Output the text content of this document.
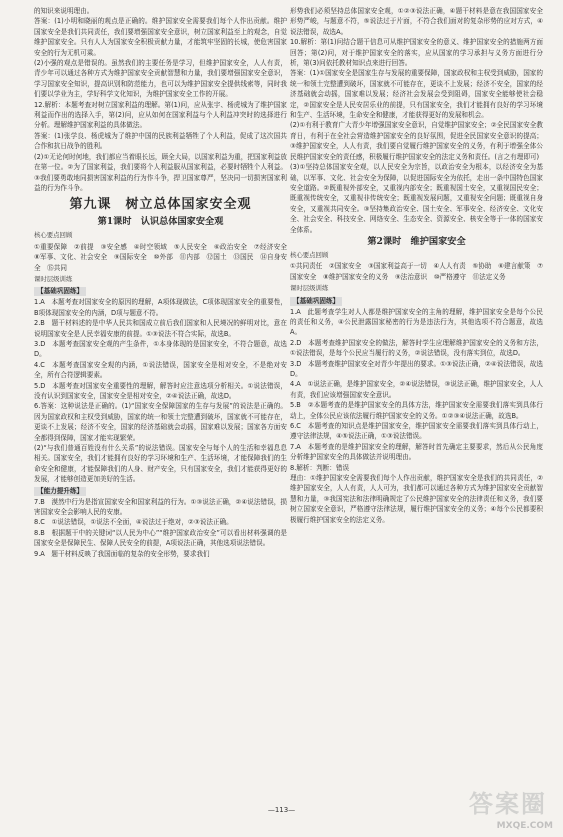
的知识来说明理由。

答案：(1)小明和晓丽的观点是正确的。维护国家安全需要我们每个人作出贡献。维护国家安全是我们共同责任，我们要增强国家安全意识，树立国家利益至上的观念，自觉维护国家安全。只有人人为国家安全积极贡献力量，才能筑牢坚固的长城，使危害国家安全的行为无机可乘。

(2)小强的观点是错误的。虽然我们的主要任务是学习，但维护国家安全，人人有责，青少年可以通过各种方式为维护国家安全贡献智慧和力量，我们要增强国家安全意识，学习国家安全知识，提高识别和防范能力，也可以为维护国家安全提供线索等，同时我们要以学业为主，学好科学文化知识，为维护国家安全工作的开展。

12.解析：本题考查对树立国家利益的理解。第(1)问，应从张宇、杨虎城为了维护国家利益而作出的选择入手，第(2)问，应从如何在国家利益与个人利益冲突时的选择进行分析。理解维护国家利益的具体做法。

答案：(1)张学良、杨虎城为了维护中国的民族利益牺牲了个人利益，促成了这次国共合作和抗日战争的胜利。

(2)①无论何时何地，我们都应当着眼长远，顾全大局，以国家利益为重，把国家利益放在第一位。②为了国家利益，我们要将个人利益服从国家利益，必要时牺牲个人利益。③我们要勇敢地同损害国家利益的行为作斗争，捍卫国家尊严，坚决同一切损害国家利益的行为作斗争。

第九课　树立总体国家安全观

第1课时　认识总体国家安全观

核心要点回顾

①重要保障　②前提　③安全感　④时空领域　⑤人民安全　⑥政治安全　⑦经济安全　⑧军事、文化、社会安全　⑨国际安全　⑩外部　⑪内部　⑫国土　⑬国民　⑭自身安全　⑮共同

课时层级训练

【基础巩固练】

1.A　本题考查对国家安全的原因的理解，A项体现做法，C项体现国家安全的重要性，B项体现国家安全的内涵，D项与题意不符。

2.B　题干材料述的是中华人民共和国成立前后我们国家和人民境况的鲜明对比，意在说明国家安全是人民幸福安康的前提。①③说法不符合实际，故选B。

3.D　本题考查国家安全观的产生条件，①本身体现的是国家安全，不符合题意，故选D。

4.C　本题考查国家安全观的内涵，①说法错误，国家安全是相对安全，不是绝对安全，所有合符逻辑要素。

5.D　本题考查对国家安全重要性的理解，解答时应注意选项分析相关。①说法错误，没有认识到国家安全，国家安全是相对安全，②④说法正确，故选D。

6.答案：这种说法是正确的。(1)“国家安全保障国家的生存与发展”的说法是正确的。因为国家政权和主权受到威胁，国家的统一和领土完整遭到破坏，国家就不可能存在，更谈不上发展；经济不安全，国家的经济基础就会动摇，国家难以发展；国家各方面安全都得到保障，国家才能实现繁荣。

(2)“与我们普通百姓没有什么关系”的说法错误。国家安全与每个人的生活和幸福息息相关。国家安全，我们才能拥有良好的学习环境和生产、生活环境，才能保障我们的生命安全和健康，才能保障我们的人身、财产安全，只有国家安全，我们才能获得更好的发展，才能够创造更加美好的生活。

【能力提升练】

7.B　漠然中行为是指宣国家安全和国家利益的行为。①③说法正确，②④说法错误，损害国家安全会影响人民的安康。

8.C　①说法错误，①说法不全面，④说法过于绝对，②③说法正确。

8.B　根据题干中的关键词“以人民为中心”“维护国家政治安全”可以看出材料强调的是国家安全是保障民生、保障人民安全的前提，A项说法正确，其他选项说法错误。

9.A　题干材料反映了我国面临的复杂的安全形势，要求我们

形势我们必须坚持总体国家安全观，①②③说法正确，④题干材料是意在我国国家安全形势严峻，与题意不符，⑤说法过于片面，不符合我们面对的复杂形势的应对方式，④说法错误，故选A。

10.解析：第(1)问结合题干信息可从维护国家安全的意义、维护国家安全的措施两方面回答；第(2)问，对于维护国家安全的落实，应从国家的学习承担与义务方面进行分析，第(3)问依托教材知识点来进行回答。

答案：(1)①国家安全是国家生存与发展的重要保障，国家政权和主权受到威胁，国家的统一和领土完整遭到破坏，国家就不可能存在，更谈不上发展；经济不安全，国家的经济基础就会动摇，国家难以发展；经济社会发展会受到阻碍，国家安全能够使社会稳定，②国家安全是人民安居乐业的前提，只有国家安全，我们才能拥有良好的学习环境和生产、生活环境，生命安全和健康，才能获得更好的发展和机会。

(2)①有利于教育广大青少年增强国家安全意识，自觉维护国家安全；②全民国家安全教育日，有利于在全社会营造维护国家安全的良好氛围，促进全民国家安全意识的提高；③维护国家安全，人人有责，我们要自觉履行维护国家安全的义务，有利于增强全体公民维护国家安全的责任感，积极履行维护国家安全的法定义务和责任。(言之有理即可)

(3)①坚持总体国家安全观，以人民安全为宗旨，以政治安全为根本，以经济安全为基础，以军事、文化、社会安全为保障，以促进国际安全为依托，走出一条中国特色国家安全道路。②既重视外部安全，又重视内部安全；既重视国土安全，又重视国民安全；既重视传统安全，又重视非传统安全；既重视发展问题，又重视安全问题；既重视自身安全，又重视共同安全。③坚持集政治安全、国土安全、军事安全、经济安全、文化安全、社会安全、科技安全、网络安全、生态安全、资源安全、核安全等于一体的国家安全体系。

第2课时　维护国家安全

核心要点回顾

①共同责任　②国家安全　③国家利益高于一切　④人人有责　⑤协助　⑥建言献策　⑦国家安全　⑧维护国家安全的义务　⑨法治意识　⑩严格遵守　⑪法定义务

课时层级训练

【基础巩固练】

1.A　此题考查学生对人人都是维护国家安全的主角的理解，维护国家安全是每个公民的责任和义务，④公民泄露国家秘密的行为是违法行为，其他选项不符合题意，故选A。

2.D　本题考查维护国家安全的做法，解答时学生应理解维护国家安全的义务和方法，①说法错误，是每个公民应当履行的义务，②说法错误，没有落实到位，故选D。

3.D　本题考查维护国家安全对青少年提出的要求。①③说法正确，②④说法错误，故选D。

4.A　①说法正确，是维护国家安全，②④说法错误，③说法正确，维护国家安全，人人有责，我们应该增强国家安全意识。

5.B　②本题考查的是维护国家安全的具体方法，维护国家安全需要我们落实到具体行动上，全体公民应该依法履行维护国家安全的义务。①②③④说法正确，故选B。

6.C　本题考查的知识点是维护国家安全，维护国家安全需要我们落实到具体行动上，遵守法律法规，④⑤说法正确，①③说法错误。

7.A　本题考查的是维护国家安全的理解，解答时首先确定主要要求，然后从公民角度分析维护国家安全的具体做法并说明理由。

8.解析：判断：错误

理由：①维护国家安全需要我们每个人作出贡献，维护国家安全是我们的共同责任，②维护国家安全，人人有责，人人可为，我们都可以通过各种方式为维护国家安全贡献智慧和力量，③我国宪法和法律明确规定了公民维护国家安全的法律责任和义务，我们要树立国家安全意识，严格遵守法律法规，履行维护国家安全的义务；④每个公民都要积极履行维护国家安全的法定义务。

—113—	答案圈
MXQE.COM
